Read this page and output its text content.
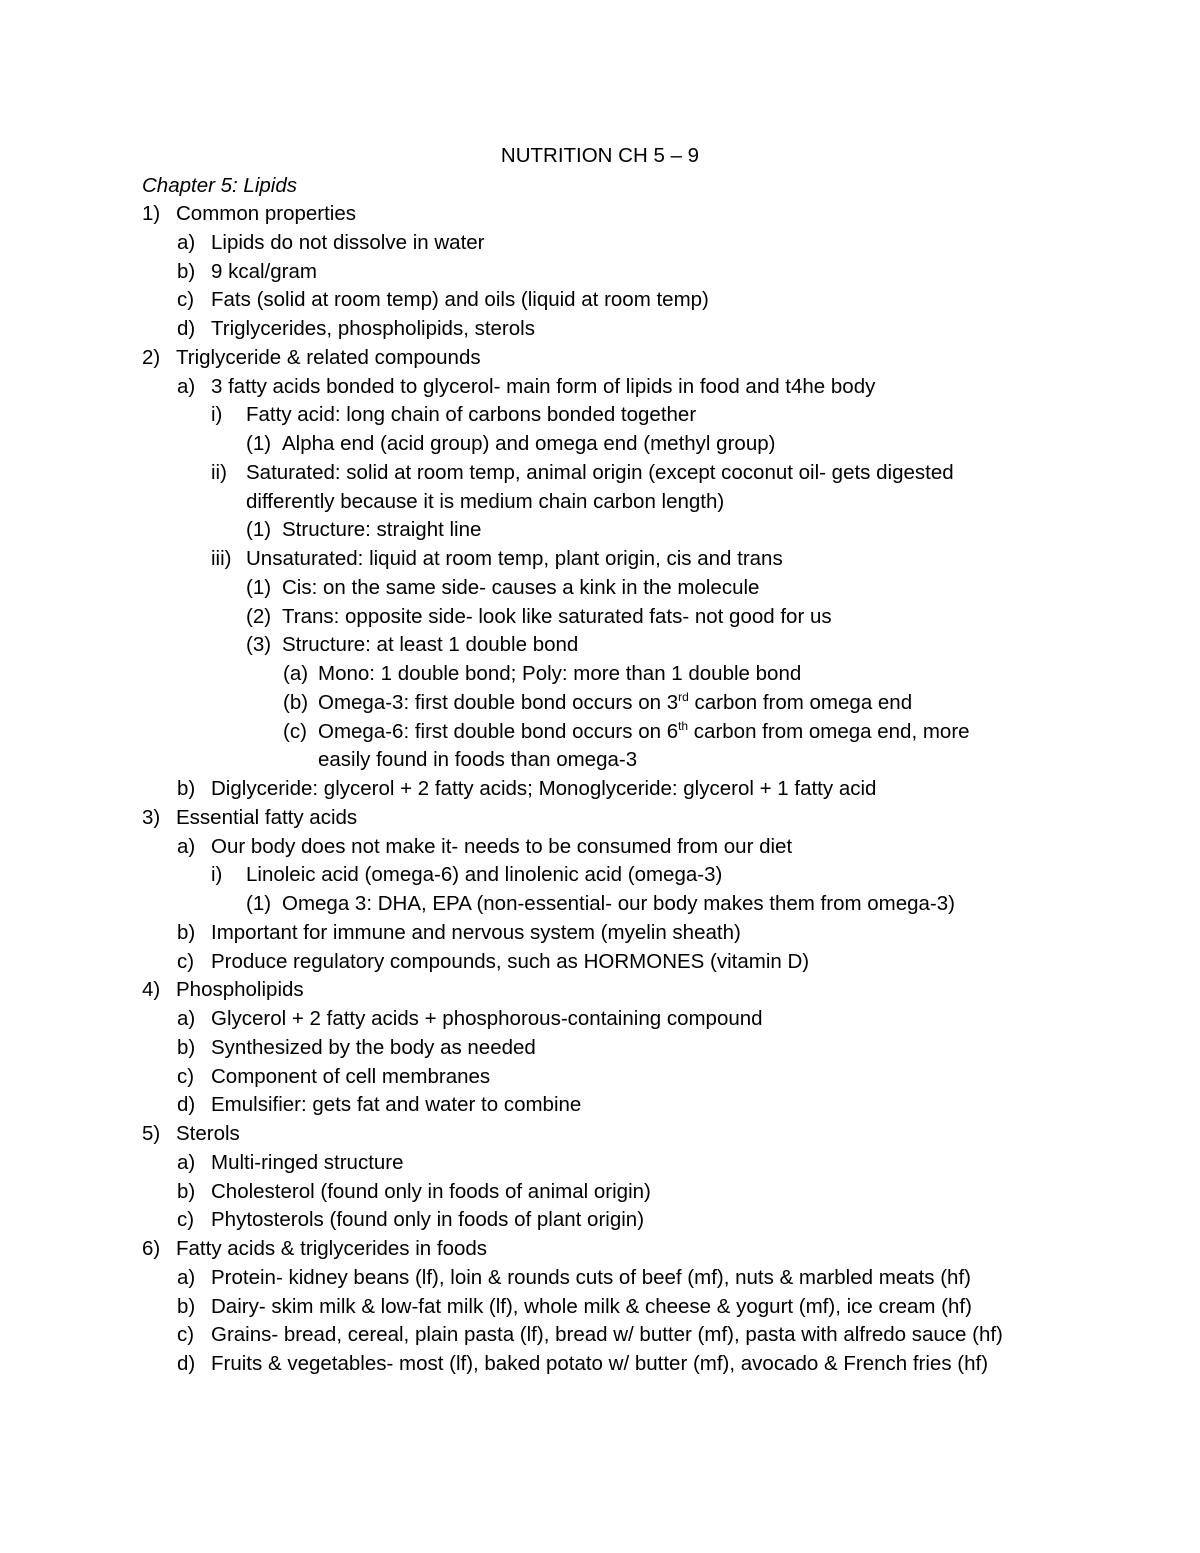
NUTRITION CH 5 – 9
Chapter 5: Lipids
1) Common properties
a) Lipids do not dissolve in water
b) 9 kcal/gram
c) Fats (solid at room temp) and oils (liquid at room temp)
d) Triglycerides, phospholipids, sterols
2) Triglyceride & related compounds
a) 3 fatty acids bonded to glycerol- main form of lipids in food and t4he body
i) Fatty acid: long chain of carbons bonded together
(1) Alpha end (acid group) and omega end (methyl group)
ii) Saturated: solid at room temp, animal origin (except coconut oil- gets digested
differently because it is medium chain carbon length)
(1) Structure: straight line
iii) Unsaturated: liquid at room temp, plant origin, cis and trans
(1) Cis: on the same side- causes a kink in the molecule
(2) Trans: opposite side- look like saturated fats- not good for us
(3) Structure: at least 1 double bond
(a) Mono: 1 double bond; Poly: more than 1 double bond
(b) Omega-3: first double bond occurs on 3rd carbon from omega end
(c) Omega-6: first double bond occurs on 6th carbon from omega end, more
easily found in foods than omega-3
b) Diglyceride: glycerol + 2 fatty acids; Monoglyceride: glycerol + 1 fatty acid
3) Essential fatty acids
a) Our body does not make it- needs to be consumed from our diet
i) Linoleic acid (omega-6) and linolenic acid (omega-3)
(1) Omega 3: DHA, EPA (non-essential- our body makes them from omega-3)
b) Important for immune and nervous system (myelin sheath)
c) Produce regulatory compounds, such as HORMONES (vitamin D)
4) Phospholipids
a) Glycerol + 2 fatty acids + phosphorous-containing compound
b) Synthesized by the body as needed
c) Component of cell membranes
d) Emulsifier: gets fat and water to combine
5) Sterols
a) Multi-ringed structure
b) Cholesterol (found only in foods of animal origin)
c) Phytosterols (found only in foods of plant origin)
6) Fatty acids & triglycerides in foods
a) Protein- kidney beans (lf), loin & rounds cuts of beef (mf), nuts & marbled meats (hf)
b) Dairy- skim milk & low-fat milk (lf), whole milk & cheese & yogurt (mf), ice cream (hf)
c) Grains- bread, cereal, plain pasta (lf), bread w/ butter (mf), pasta with alfredo sauce (hf)
d) Fruits & vegetables- most (lf), baked potato w/ butter (mf), avocado & French fries (hf)
